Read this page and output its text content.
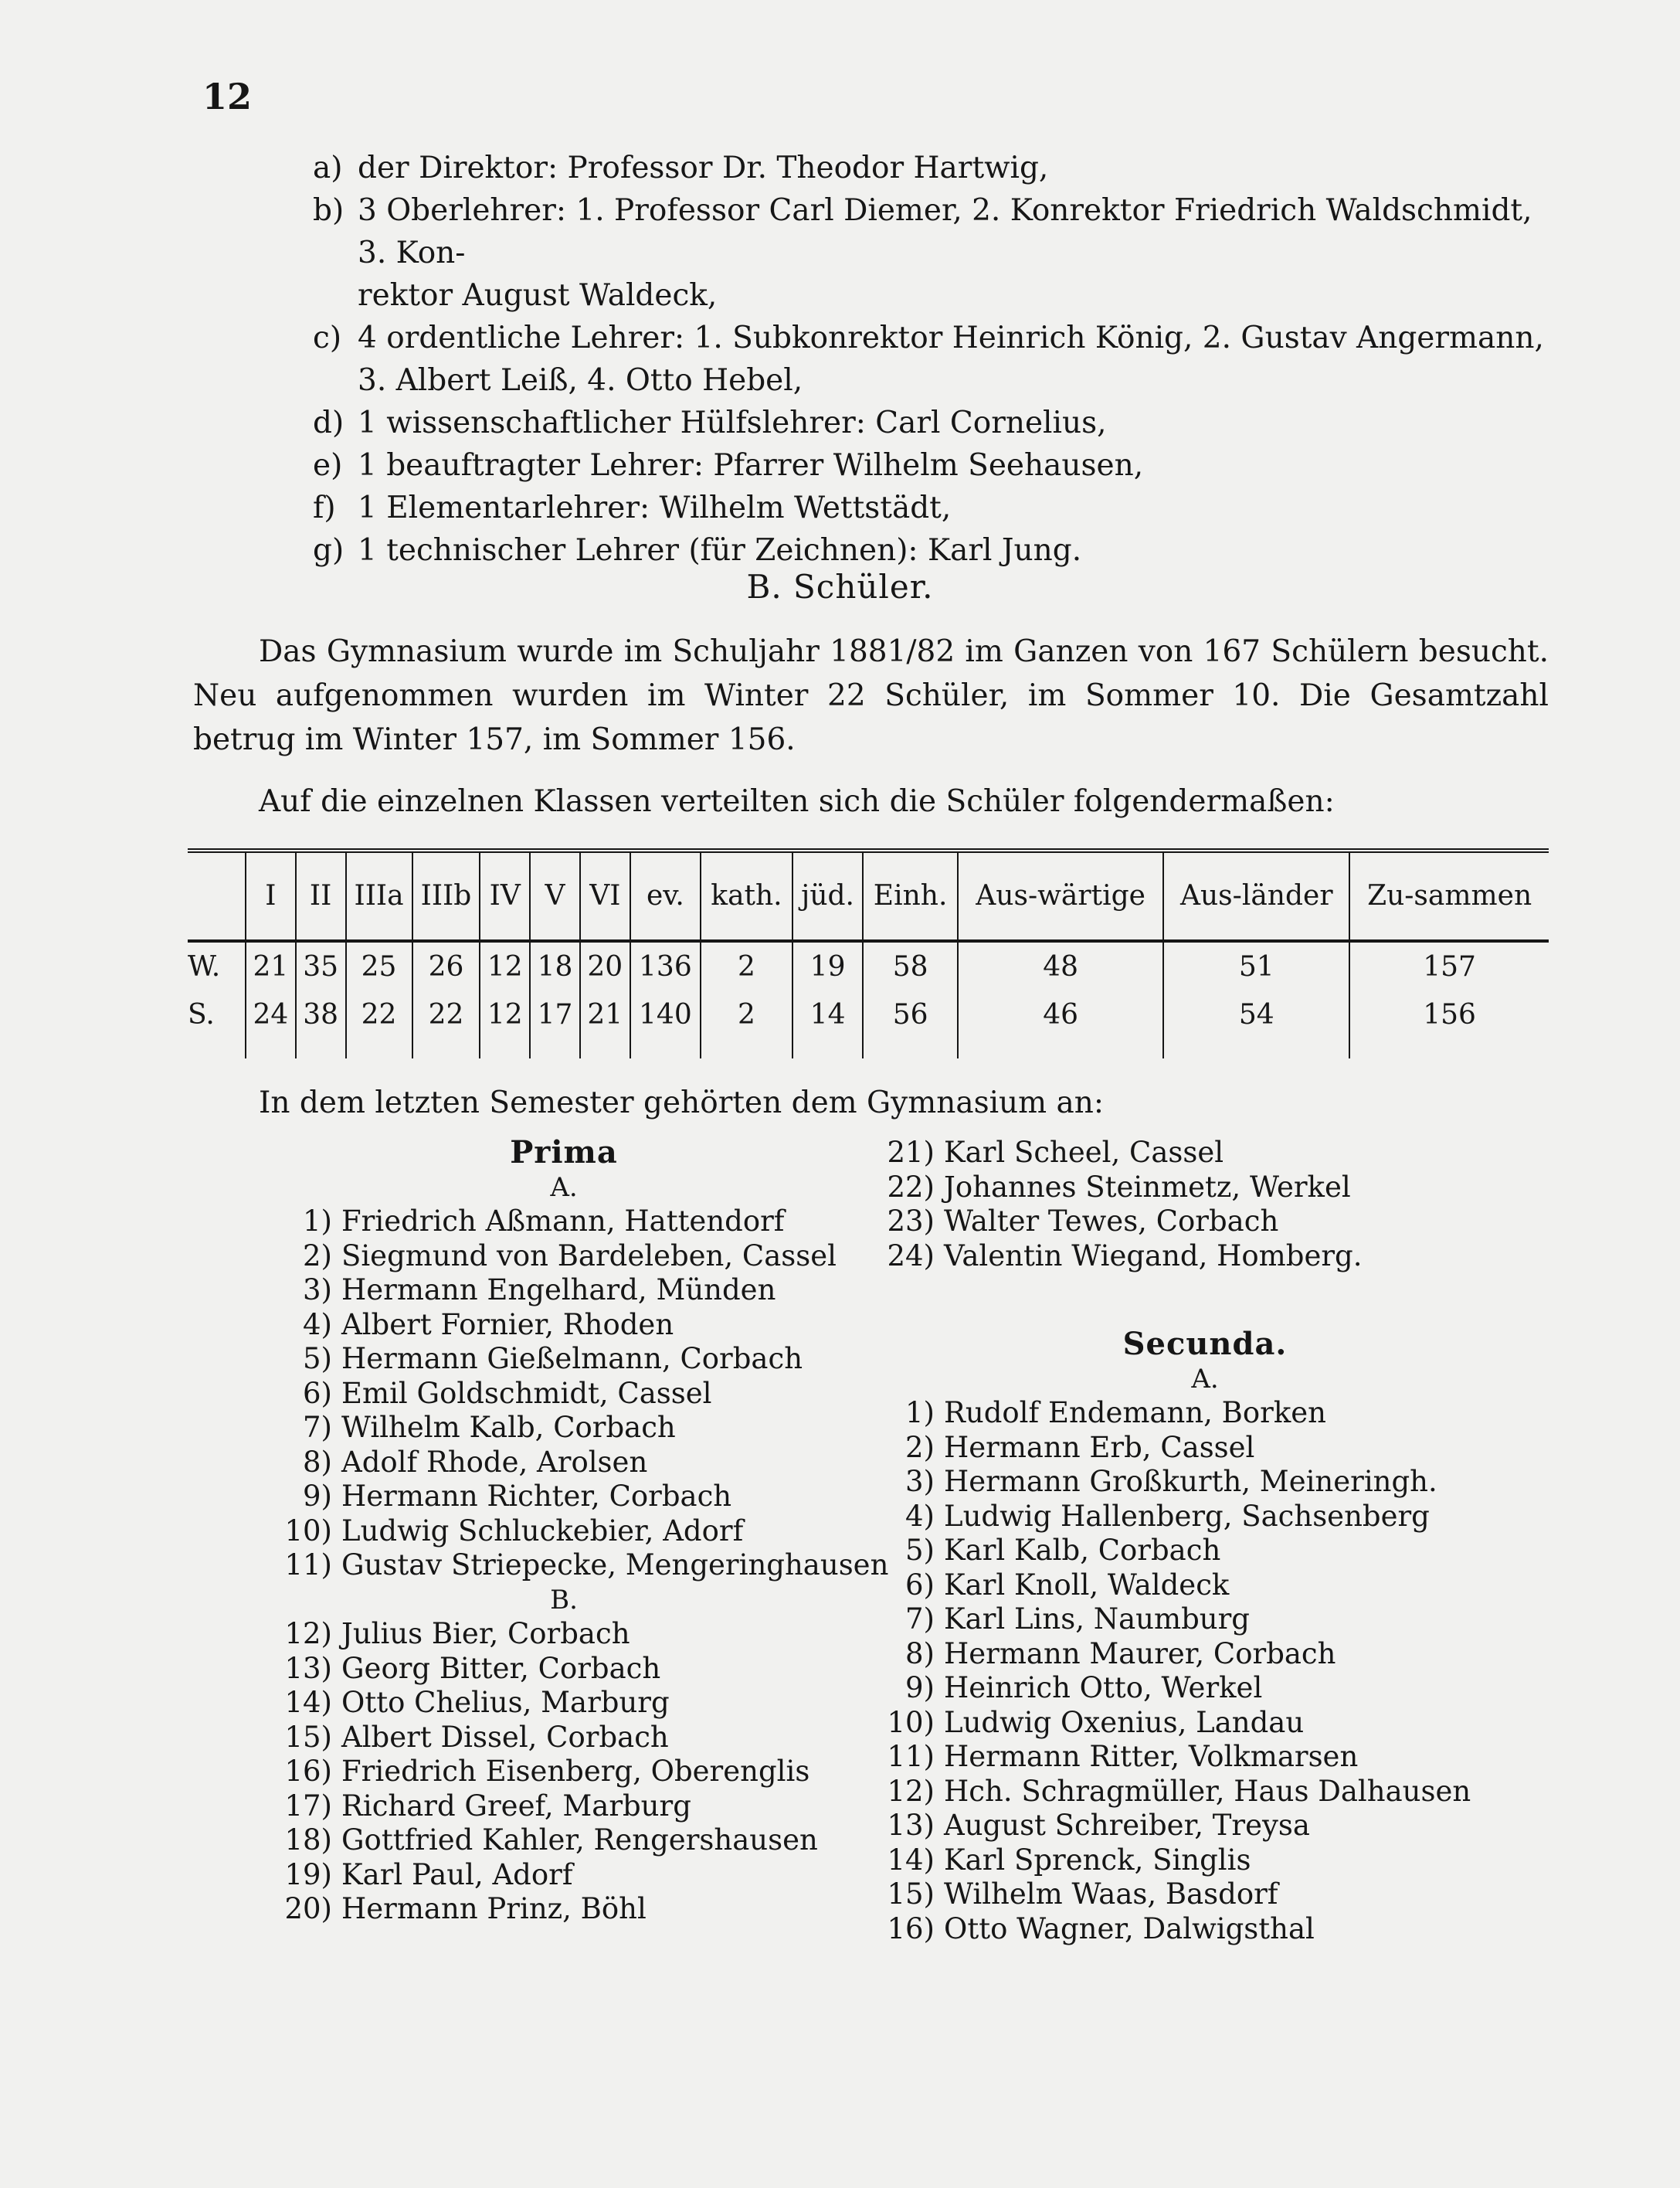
12
a) der Direktor: Professor Dr. Theodor Hartwig,
b) 3 Oberlehrer: 1. Professor Carl Diemer, 2. Konrektor Friedrich Waldschmidt, 3. Kon-
rektor August Waldeck,
c) 4 ordentliche Lehrer: 1. Subkonrektor Heinrich König, 2. Gustav Angermann,
3. Albert Leiß, 4. Otto Hebel,
d) 1 wissenschaftlicher Hülfslehrer: Carl Cornelius,
e) 1 beauftragter Lehrer: Pfarrer Wilhelm Seehausen,
f) 1 Elementarlehrer: Wilhelm Wettstädt,
g) 1 technischer Lehrer (für Zeichnen): Karl Jung.
B. Schüler.

Das Gymnasium wurde im Schuljahr 1881/82 im Ganzen von 167 Schülern besucht. Neu aufgenommen wurden im Winter 22 Schüler, im Sommer 10. Die Gesamtzahl betrug im Winter 157, im Sommer 156.

Auf die einzelnen Klassen verteilten sich die Schüler folgendermaßen:
	I	II	IIIa	IIIb	IV	V	VI	ev.	kath.	jüd.	Einh.	Aus-wärtige	Aus-länder	Zu-sammen
W.	21	35	25	26	12	18	20	136	2	19	58	48	51	157
S.	24	38	22	22	12	17	21	140	2	14	56	46	54	156
In dem letzten Semester gehörten dem Gymnasium an:
Prima
A.
1) Friedrich Aßmann, Hattendorf
2) Siegmund von Bardeleben, Cassel
3) Hermann Engelhard, Münden
4) Albert Fornier, Rhoden
5) Hermann Gießelmann, Corbach
6) Emil Goldschmidt, Cassel
7) Wilhelm Kalb, Corbach
8) Adolf Rhode, Arolsen
9) Hermann Richter, Corbach
10) Ludwig Schluckebier, Adorf
11) Gustav Striepecke, Mengeringhausen
B.
12) Julius Bier, Corbach
13) Georg Bitter, Corbach
14) Otto Chelius, Marburg
15) Albert Dissel, Corbach
16) Friedrich Eisenberg, Oberenglis
17) Richard Greef, Marburg
18) Gottfried Kahler, Rengershausen
19) Karl Paul, Adorf
20) Hermann Prinz, Böhl
21) Karl Scheel, Cassel
22) Johannes Steinmetz, Werkel
23) Walter Tewes, Corbach
24) Valentin Wiegand, Homberg.
Secunda.
A.
1) Rudolf Endemann, Borken
2) Hermann Erb, Cassel
3) Hermann Großkurth, Meineringh.
4) Ludwig Hallenberg, Sachsenberg
5) Karl Kalb, Corbach
6) Karl Knoll, Waldeck
7) Karl Lins, Naumburg
8) Hermann Maurer, Corbach
9) Heinrich Otto, Werkel
10) Ludwig Oxenius, Landau
11) Hermann Ritter, Volkmarsen
12) Hch. Schragmüller, Haus Dalhausen
13) August Schreiber, Treysa
14) Karl Sprenck, Singlis
15) Wilhelm Waas, Basdorf
16) Otto Wagner, Dalwigsthal
